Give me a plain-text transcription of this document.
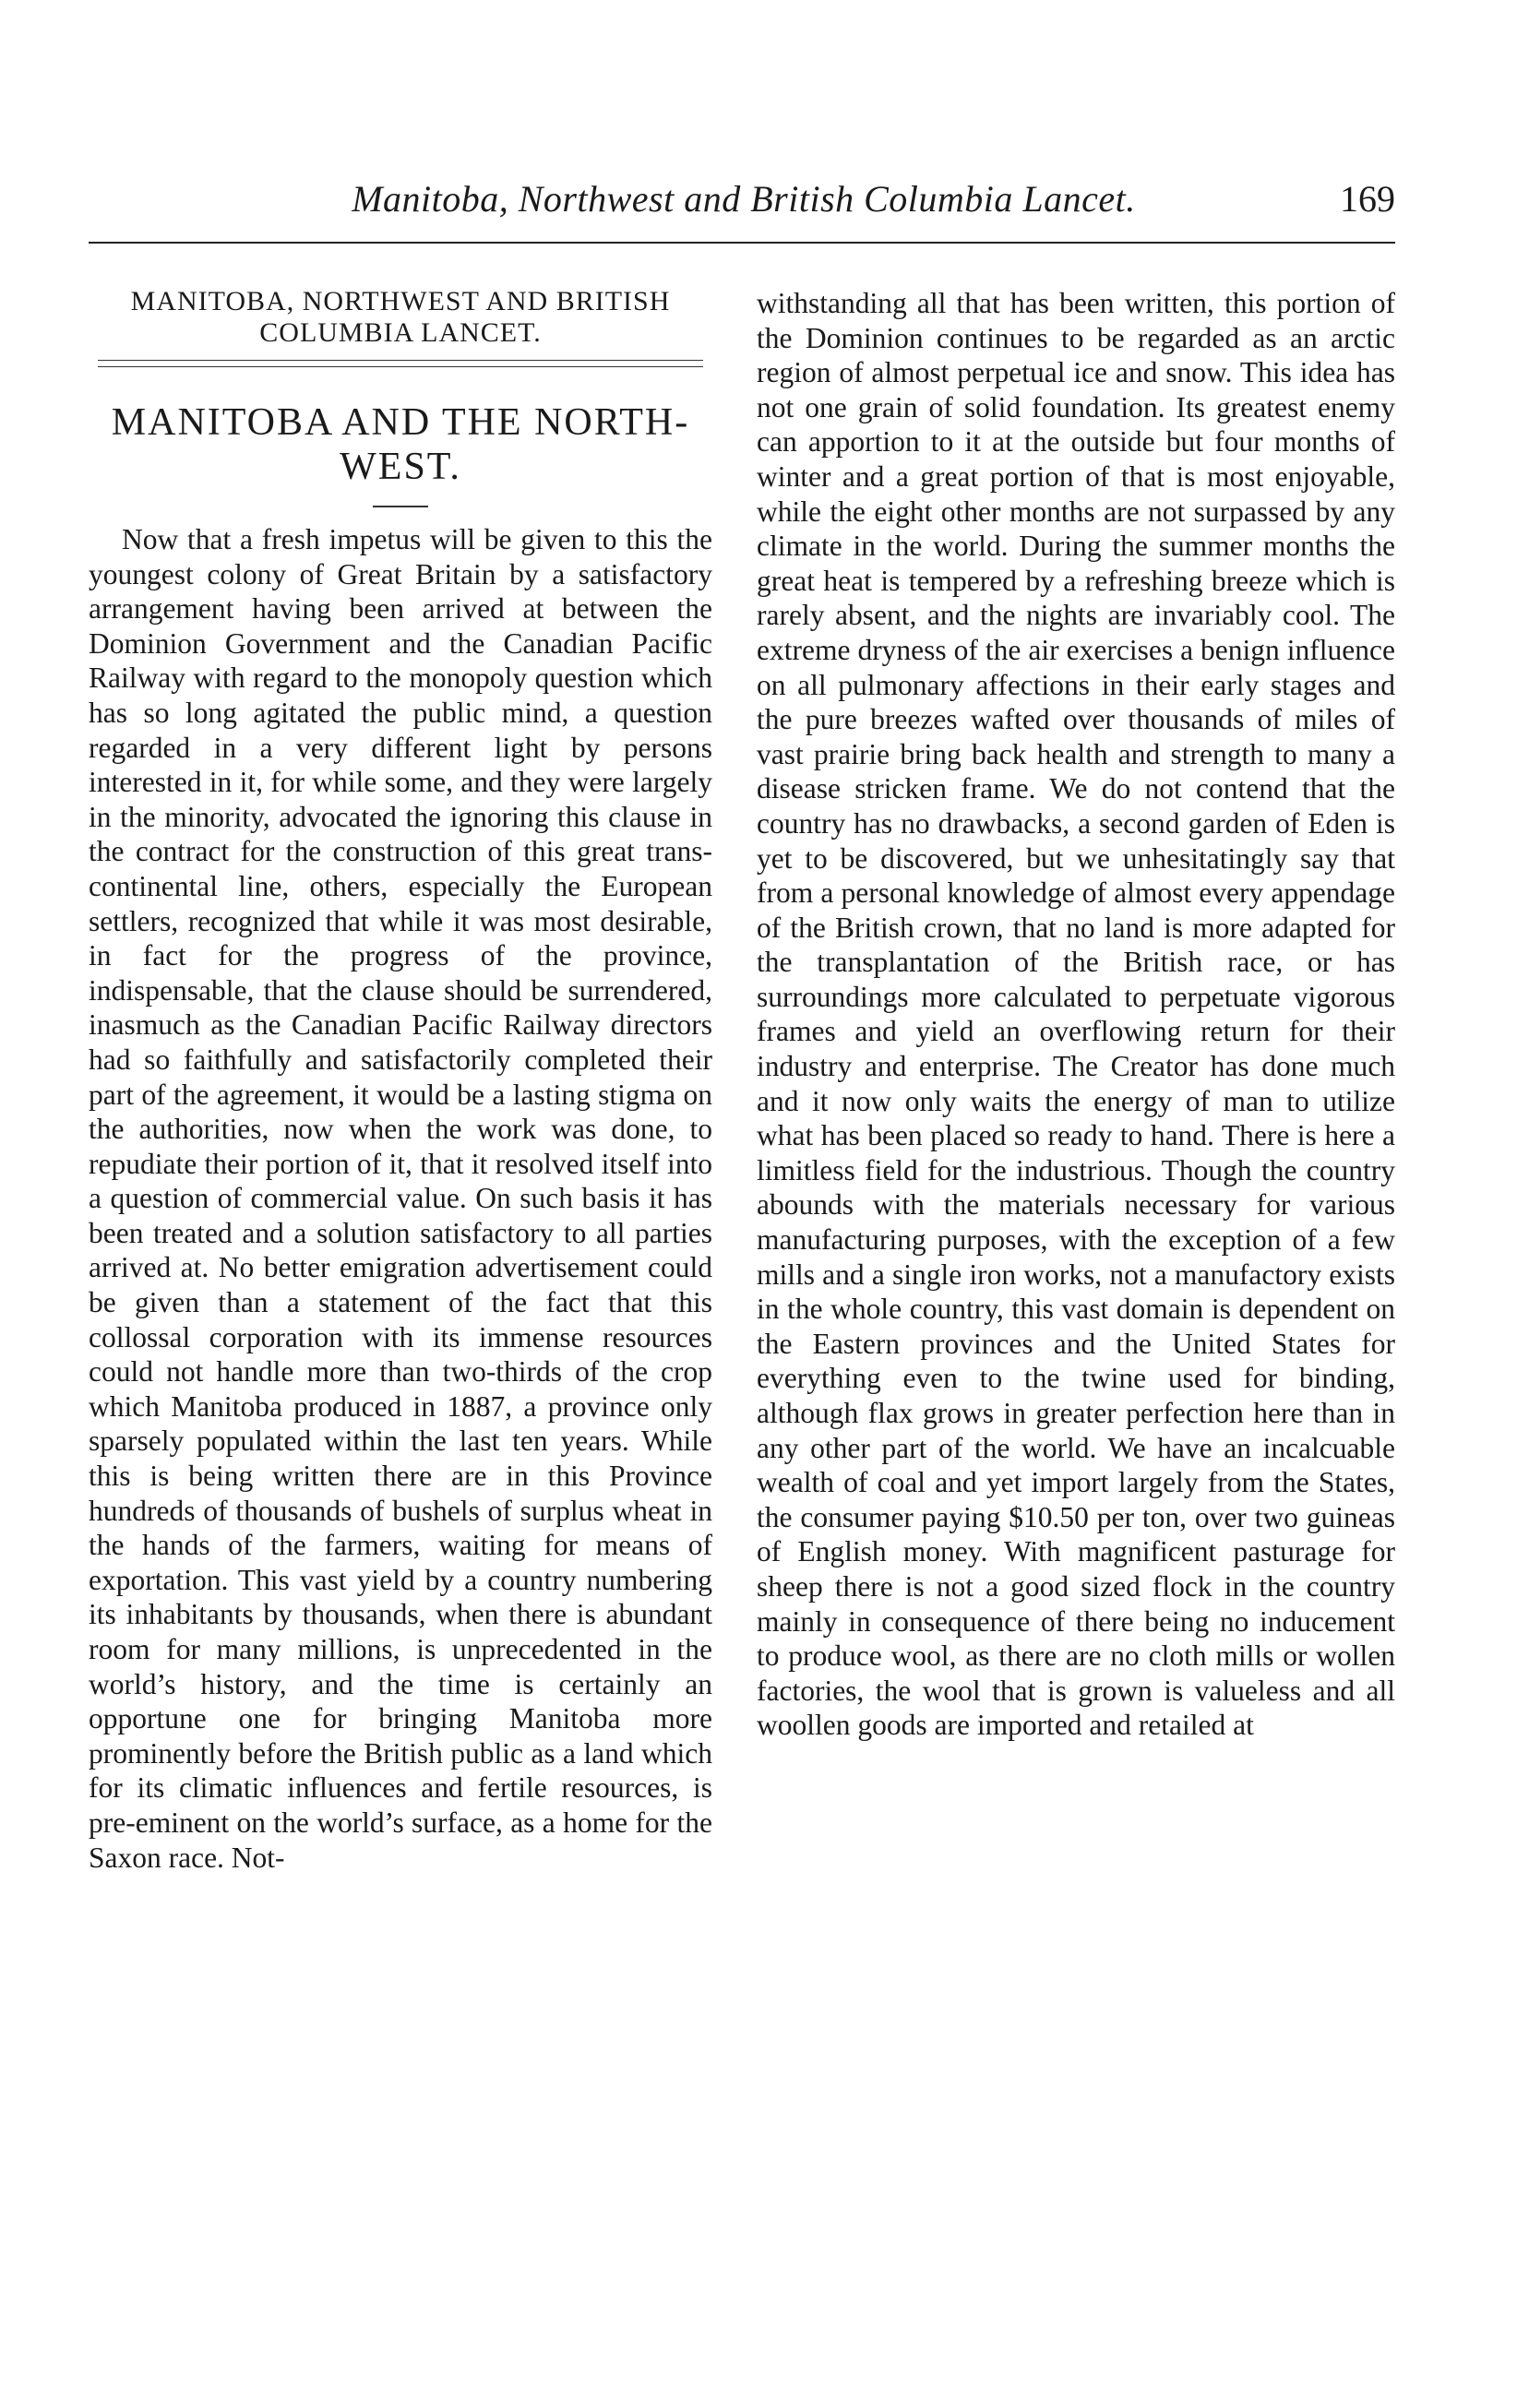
Manitoba, Northwest and British Columbia Lancet.	169
MANITOBA, NORTHWEST AND BRITISH COLUMBIA LANCET.
MANITOBA AND THE NORTH-WEST.

Now that a fresh impetus will be given to this the youngest colony of Great Britain by a satisfactory arrangement having been arrived at between the Dominion Government and the Canadian Pacific Railway with regard to the monopoly question which has so long agitated the public mind, a question regarded in a very different light by persons interested in it, for while some, and they were largely in the minority, advocated the ignoring this clause in the contract for the construction of this great trans-continental line, others, especially the European settlers, recognized that while it was most desirable, in fact for the progress of the province, indispensable, that the clause should be surrendered, inasmuch as the Canadian Pacific Railway directors had so faithfully and satisfactorily completed their part of the agreement, it would be a lasting stigma on the authorities, now when the work was done, to repudiate their portion of it, that it resolved itself into a question of commercial value. On such basis it has been treated and a solution satisfactory to all parties arrived at. No better emigration advertisement could be given than a statement of the fact that this collossal corporation with its immense resources could not handle more than two-thirds of the crop which Manitoba produced in 1887, a province only sparsely populated within the last ten years. While this is being written there are in this Province hundreds of thousands of bushels of surplus wheat in the hands of the farmers, waiting for means of exportation. This vast yield by a country numbering its inhabitants by thousands, when there is abundant room for many millions, is unprecedented in the world’s history, and the time is certainly an opportune one for bringing Manitoba more prominently before the British public as a land which for its climatic influences and fertile resources, is pre-eminent on the world’s surface, as a home for the Saxon race. Not-

withstanding all that has been written, this portion of the Dominion continues to be regarded as an arctic region of almost perpetual ice and snow. This idea has not one grain of solid foundation. Its greatest enemy can apportion to it at the outside but four months of winter and a great portion of that is most enjoyable, while the eight other months are not surpassed by any climate in the world. During the summer months the great heat is tempered by a refreshing breeze which is rarely absent, and the nights are invariably cool. The extreme dryness of the air exercises a benign influence on all pulmonary affections in their early stages and the pure breezes wafted over thousands of miles of vast prairie bring back health and strength to many a disease stricken frame. We do not contend that the country has no drawbacks, a second garden of Eden is yet to be discovered, but we unhesitatingly say that from a personal knowledge of almost every appendage of the British crown, that no land is more adapted for the transplantation of the British race, or has surroundings more calculated to perpetuate vigorous frames and yield an overflowing return for their industry and enterprise. The Creator has done much and it now only waits the energy of man to utilize what has been placed so ready to hand. There is here a limitless field for the industrious. Though the country abounds with the materials necessary for various manufacturing purposes, with the exception of a few mills and a single iron works, not a manufactory exists in the whole country, this vast domain is dependent on the Eastern provinces and the United States for everything even to the twine used for binding, although flax grows in greater perfection here than in any other part of the world. We have an incalcuable wealth of coal and yet import largely from the States, the consumer paying $10.50 per ton, over two guineas of English money. With magnificent pasturage for sheep there is not a good sized flock in the country mainly in consequence of there being no inducement to produce wool, as there are no cloth mills or wollen factories, the wool that is grown is valueless and all woollen goods are imported and retailed at
